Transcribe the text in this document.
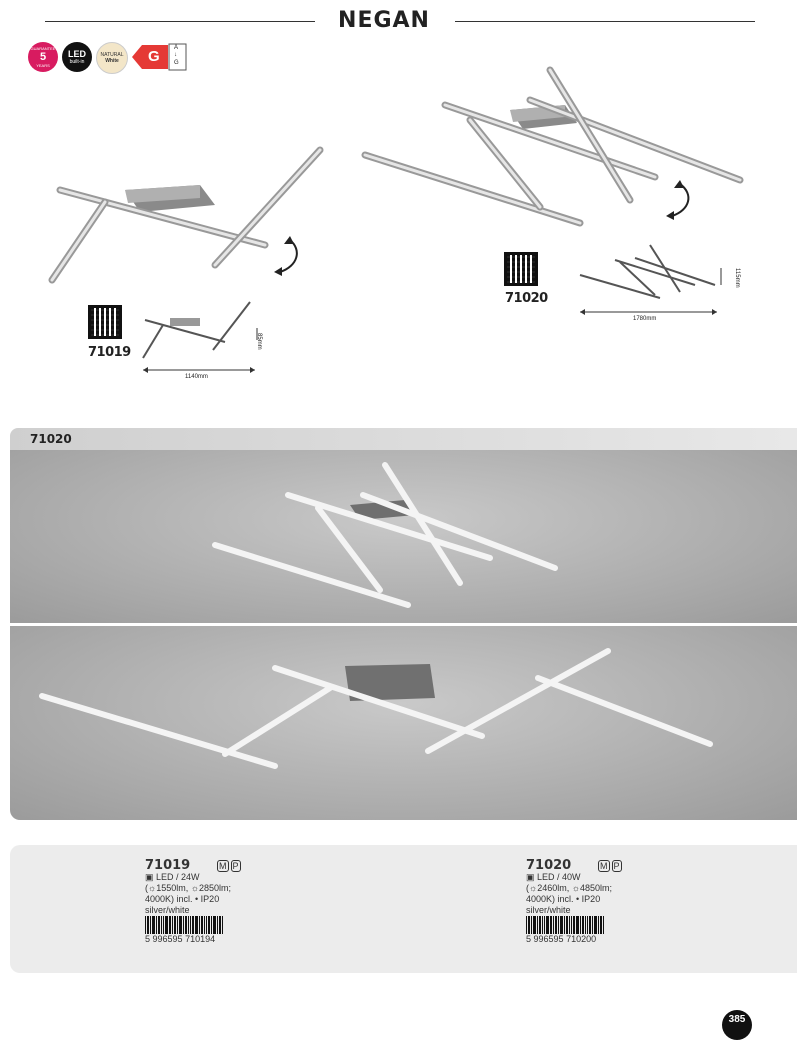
NEGAN
GUARANTEE
5
YEARS
LED
built-in
NATURAL
White	G A
↓
G
71019
1140mm
85mm
71020
1780mm
115mm
71020
71019	M P
▣ LED / 24W
(☼1550lm, ☼2850lm;
4000K) incl. • IP20
silver/white
5 996595 710194
71020	M P
▣ LED / 40W
(☼2460lm, ☼4850lm;
4000K) incl. • IP20
silver/white
5 996595 710200
385
